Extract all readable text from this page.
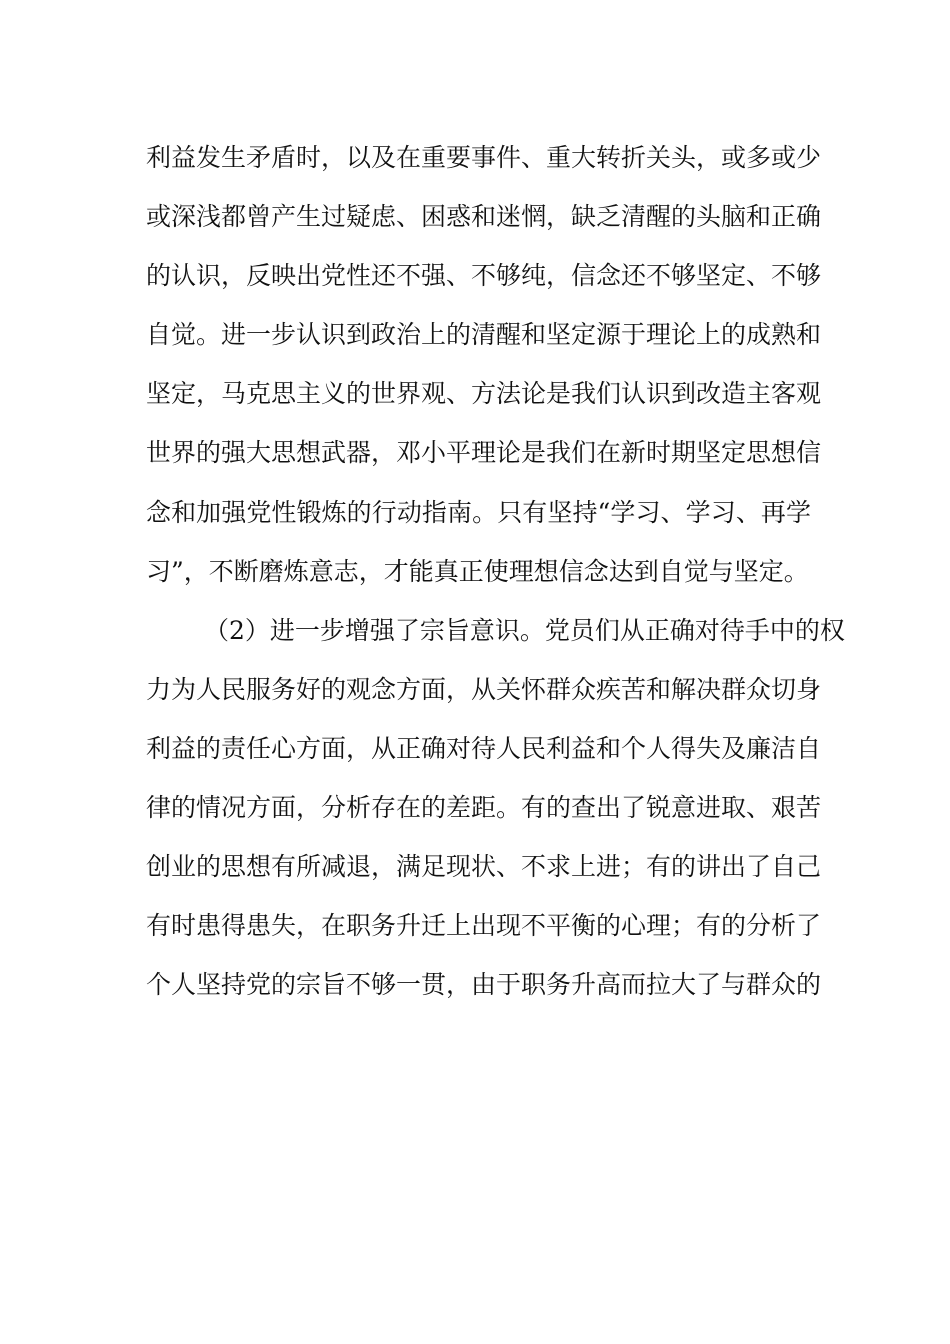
利益发生矛盾时，以及在重要事件、重大转折关头，或多或少
或深浅都曾产生过疑虑、困惑和迷惘，缺乏清醒的头脑和正确
的认识，反映出党性还不强、不够纯，信念还不够坚定、不够
自觉。进一步认识到政治上的清醒和坚定源于理论上的成熟和
坚定，马克思主义的世界观、方法论是我们认识到改造主客观
世界的强大思想武器，邓小平理论是我们在新时期坚定思想信
念和加强党性锻炼的行动指南。只有坚持“学习、学习、再学
习”，不断磨炼意志，才能真正使理想信念达到自觉与坚定。
（2）进一步增强了宗旨意识。党员们从正确对待手中的权
力为人民服务好的观念方面，从关怀群众疾苦和解决群众切身
利益的责任心方面，从正确对待人民利益和个人得失及廉洁自
律的情况方面，分析存在的差距。有的查出了锐意进取、艰苦
创业的思想有所减退，满足现状、不求上进；有的讲出了自己
有时患得患失，在职务升迁上出现不平衡的心理；有的分析了
个人坚持党的宗旨不够一贯，由于职务升高而拉大了与群众的
